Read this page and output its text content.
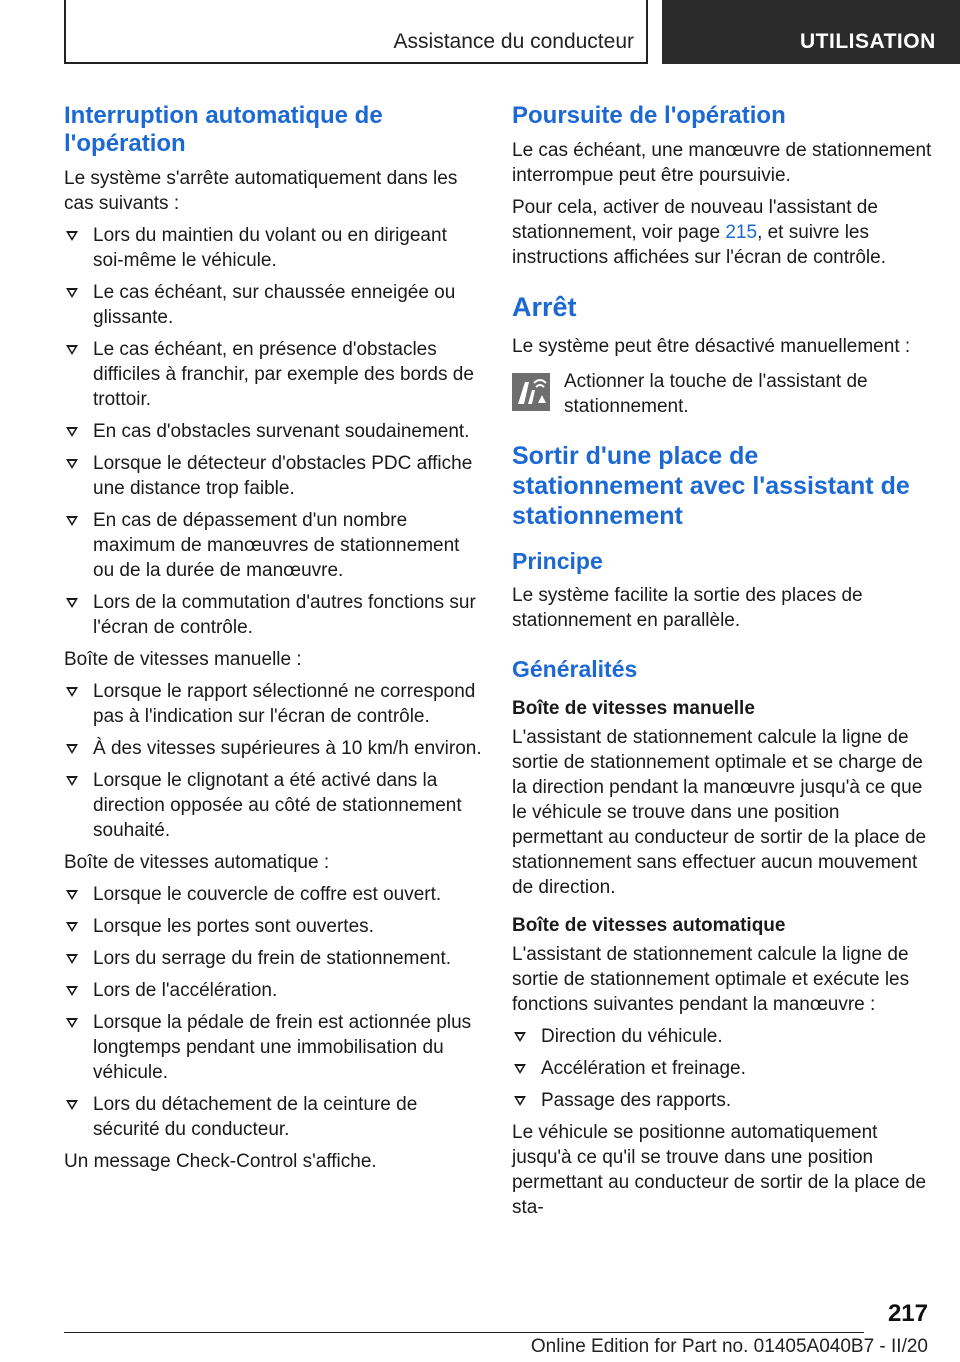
Assistance du conducteur	UTILISATION
Interruption automatique de l'opération
Le système s'arrête automatiquement dans les cas suivants :
Lors du maintien du volant ou en dirigeant soi-même le véhicule.
Le cas échéant, sur chaussée enneigée ou glissante.
Le cas échéant, en présence d'obstacles difficiles à franchir, par exemple des bords de trottoir.
En cas d'obstacles survenant soudainement.
Lorsque le détecteur d'obstacles PDC affiche une distance trop faible.
En cas de dépassement d'un nombre maximum de manœuvres de stationnement ou de la durée de manœuvre.
Lors de la commutation d'autres fonctions sur l'écran de contrôle.
Boîte de vitesses manuelle :
Lorsque le rapport sélectionné ne correspond pas à l'indication sur l'écran de contrôle.
À des vitesses supérieures à 10 km/h environ.
Lorsque le clignotant a été activé dans la direction opposée au côté de stationnement souhaité.
Boîte de vitesses automatique :
Lorsque le couvercle de coffre est ouvert.
Lorsque les portes sont ouvertes.
Lors du serrage du frein de stationnement.
Lors de l'accélération.
Lorsque la pédale de frein est actionnée plus longtemps pendant une immobilisation du véhicule.
Lors du détachement de la ceinture de sécurité du conducteur.
Un message Check-Control s'affiche.
Poursuite de l'opération
Le cas échéant, une manœuvre de stationnement interrompue peut être poursuivie.
Pour cela, activer de nouveau l'assistant de stationnement, voir page 215, et suivre les instructions affichées sur l'écran de contrôle.
Arrêt
Le système peut être désactivé manuellement :
Actionner la touche de l'assistant de stationnement.
Sortir d'une place de stationnement avec l'assistant de stationnement
Principe
Le système facilite la sortie des places de stationnement en parallèle.
Généralités
Boîte de vitesses manuelle
L'assistant de stationnement calcule la ligne de sortie de stationnement optimale et se charge de la direction pendant la manœuvre jusqu'à ce que le véhicule se trouve dans une position permettant au conducteur de sortir de la place de stationnement sans effectuer aucun mouvement de direction.
Boîte de vitesses automatique
L'assistant de stationnement calcule la ligne de sortie de stationnement optimale et exécute les fonctions suivantes pendant la manœuvre :
Direction du véhicule.
Accélération et freinage.
Passage des rapports.
Le véhicule se positionne automatiquement jusqu'à ce qu'il se trouve dans une position permettant au conducteur de sortir de la place de sta-
217
Online Edition for Part no. 01405A040B7 - II/20
